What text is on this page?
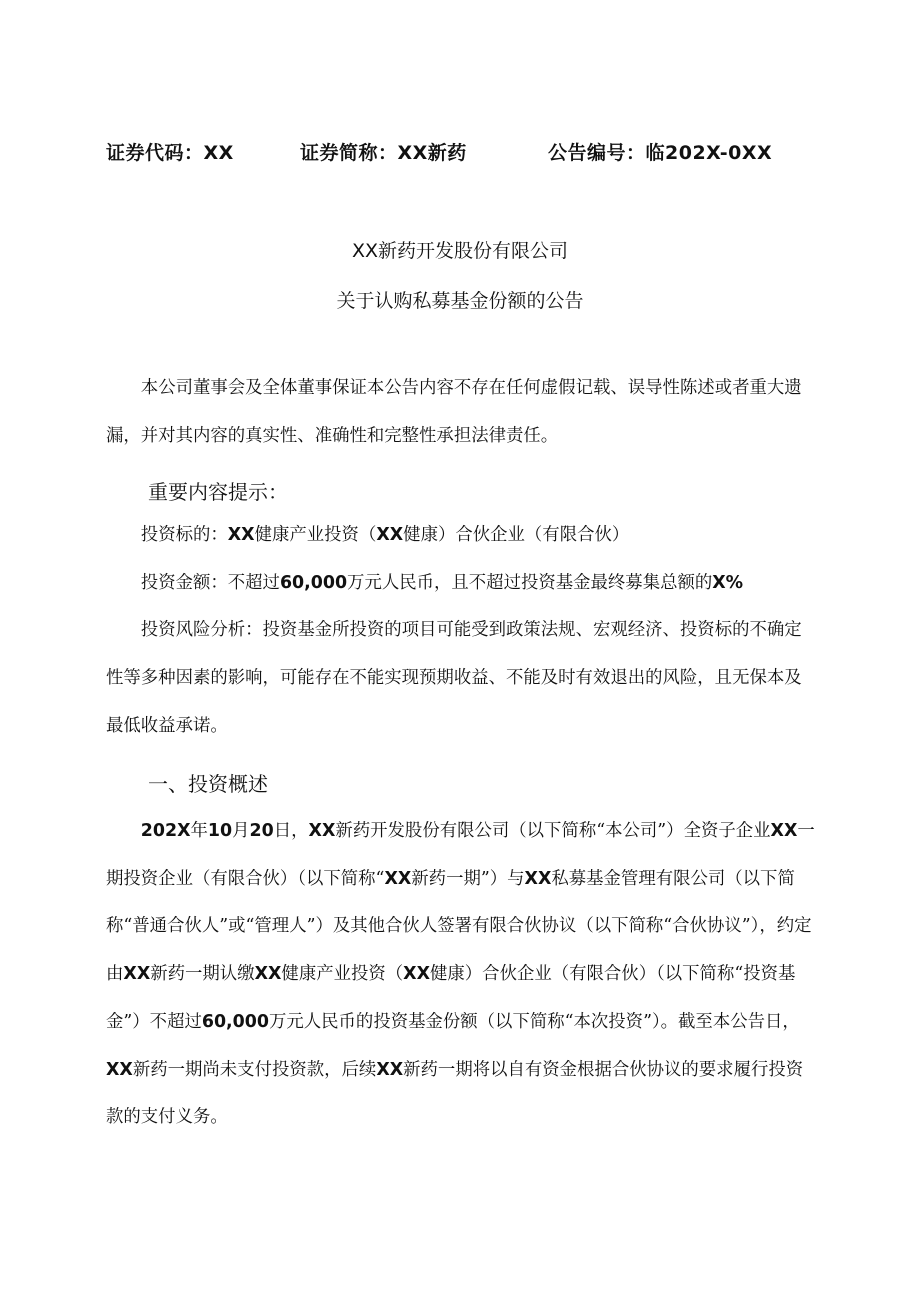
证券代码：XX	证券简称：XX新药	公告编号：临202X-0XX
XX新药开发股份有限公司
关于认购私募基金份额的公告

本公司董事会及全体董事保证本公告内容不存在任何虚假记载、误导性陈述或者重大遗漏，并对其内容的真实性、准确性和完整性承担法律责任。

重要内容提示：

投资标的：XX健康产业投资（XX健康）合伙企业（有限合伙）

投资金额：不超过60,000万元人民币，且不超过投资基金最终募集总额的X%

投资风险分析：投资基金所投资的项目可能受到政策法规、宏观经济、投资标的不确定性等多种因素的影响，可能存在不能实现预期收益、不能及时有效退出的风险，且无保本及最低收益承诺。

一、投资概述

202X年10月20日，XX新药开发股份有限公司（以下简称“本公司”）全资子企业XX一期投资企业（有限合伙）（以下简称“XX新药一期”）与XX私募基金管理有限公司（以下简称“普通合伙人”或“管理人”）及其他合伙人签署有限合伙协议（以下简称“合伙协议”），约定由XX新药一期认缴XX健康产业投资（XX健康）合伙企业（有限合伙）（以下简称“投资基金”）不超过60,000万元人民币的投资基金份额（以下简称“本次投资”）。截至本公告日，XX新药一期尚未支付投资款，后续XX新药一期将以自有资金根据合伙协议的要求履行投资款的支付义务。
